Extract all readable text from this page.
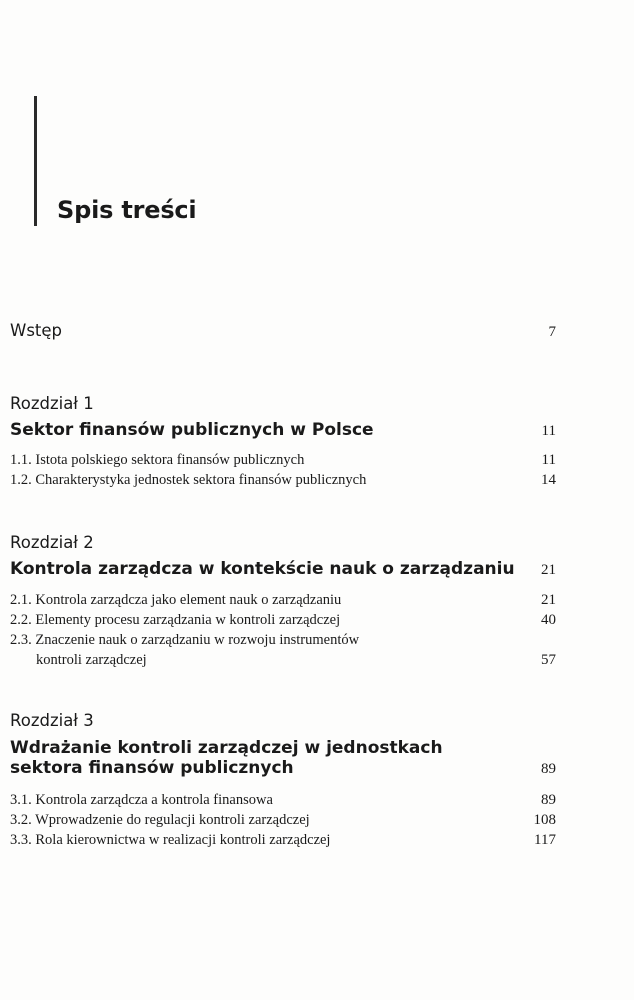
Spis treści
Wstęp	7
Rozdział 1
Sektor finansów publicznych w Polsce	11
1.1. Istota polskiego sektora finansów publicznych	11
1.2. Charakterystyka jednostek sektora finansów publicznych	14
Rozdział 2
Kontrola zarządcza w kontekście nauk o zarządzaniu	21
2.1. Kontrola zarządcza jako element nauk o zarządzaniu	21
2.2. Elementy procesu zarządzania w kontroli zarządczej	40
2.3. Znaczenie nauk o zarządzaniu w rozwoju instrumentów
kontroli zarządczej	57
Rozdział 3
Wdrażanie kontroli zarządczej w jednostkach
sektora finansów publicznych	89
3.1. Kontrola zarządcza a kontrola finansowa	89
3.2. Wprowadzenie do regulacji kontroli zarządczej	108
3.3. Rola kierownictwa w realizacji kontroli zarządczej	117
